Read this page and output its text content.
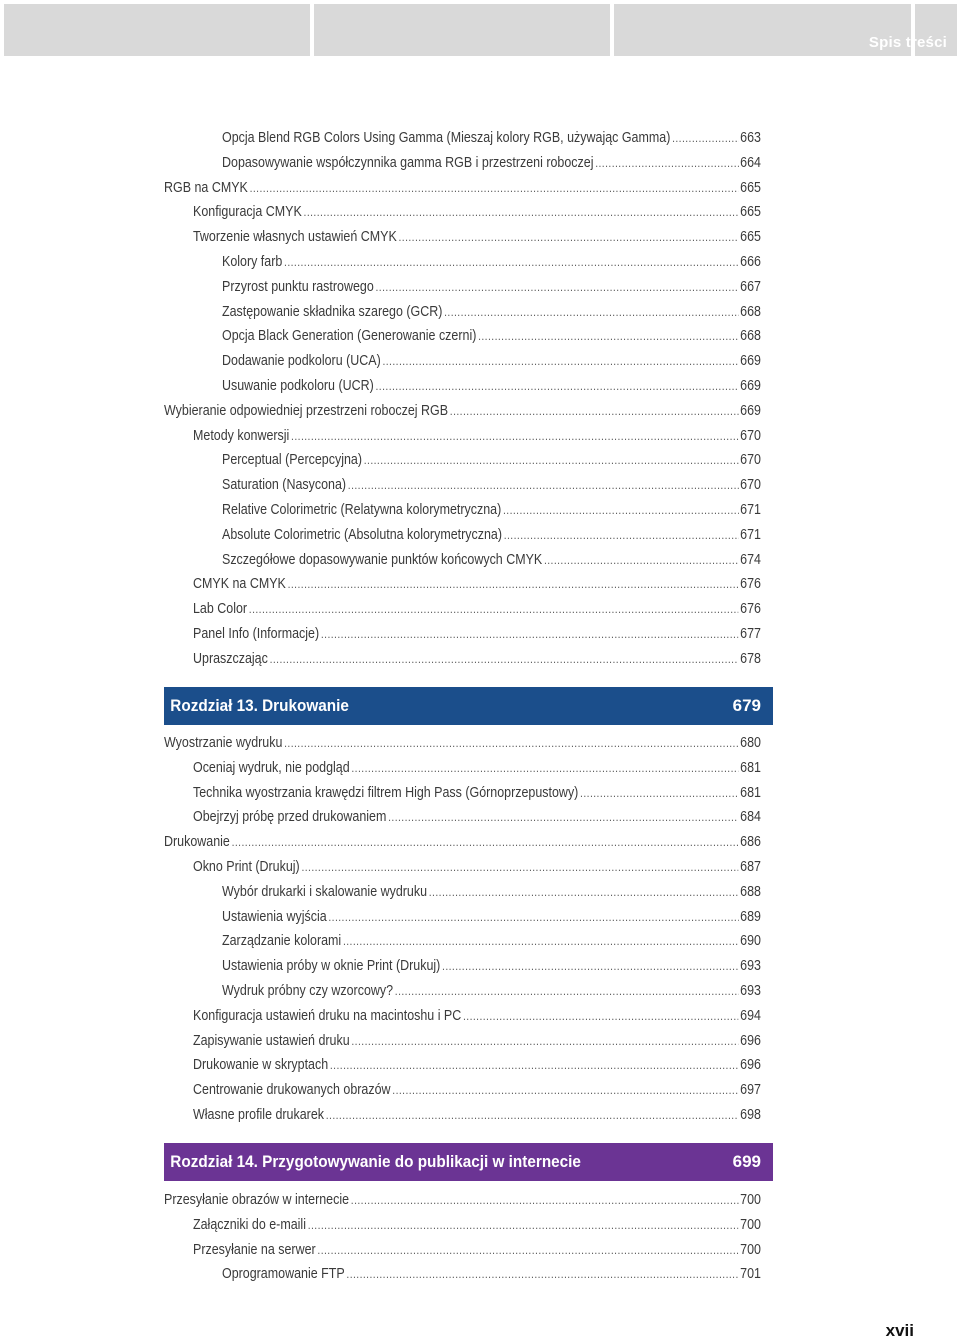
Spis treści
Opcja Blend RGB Colors Using Gamma (Mieszaj kolory RGB, używając Gamma) .....	663
Dopasowywanie współczynnika gamma RGB i przestrzeni roboczej .....	664
RGB na CMYK .....	665
Konfiguracja CMYK .....	665
Tworzenie własnych ustawień CMYK .....	665
Kolory farb .....	666
Przyrost punktu rastrowego .....	667
Zastępowanie składnika szarego (GCR) .....	668
Opcja Black Generation (Generowanie czerni) .....	668
Dodawanie podkoloru (UCA) .....	669
Usuwanie podkoloru (UCR) .....	669
Wybieranie odpowiedniej przestrzeni roboczej RGB .....	669
Metody konwersji .....	670
Perceptual (Percepcyjna) .....	670
Saturation (Nasycona) .....	670
Relative Colorimetric (Relatywna kolorymetryczna) .....	671
Absolute Colorimetric (Absolutna kolorymetryczna) .....	671
Szczegółowe dopasowywanie punktów końcowych CMYK .....	674
CMYK na CMYK .....	676
Lab Color .....	676
Panel Info (Informacje) .....	677
Upraszczając .....	678
Rozdział 13. Drukowanie	679
Wyostrzanie wydruku .....	680
Oceniaj wydruk, nie podgląd .....	681
Technika wyostrzania krawędzi filtrem High Pass (Górnoprzepustowy) .....	681
Obejrzyj próbę przed drukowaniem .....	684
Drukowanie .....	686
Okno Print (Drukuj) .....	687
Wybór drukarki i skalowanie wydruku .....	688
Ustawienia wyjścia .....	689
Zarządzanie kolorami .....	690
Ustawienia próby w oknie Print (Drukuj) .....	693
Wydruk próbny czy wzorcowy? .....	693
Konfiguracja ustawień druku na macintoshu i PC .....	694
Zapisywanie ustawień druku .....	696
Drukowanie w skryptach .....	696
Centrowanie drukowanych obrazów .....	697
Własne profile drukarek .....	698
Rozdział 14. Przygotowywanie do publikacji w internecie	699
Przesyłanie obrazów w internecie .....	700
Załączniki do e-maili .....	700
Przesyłanie na serwer .....	700
Oprogramowanie FTP .....	701
xvii
